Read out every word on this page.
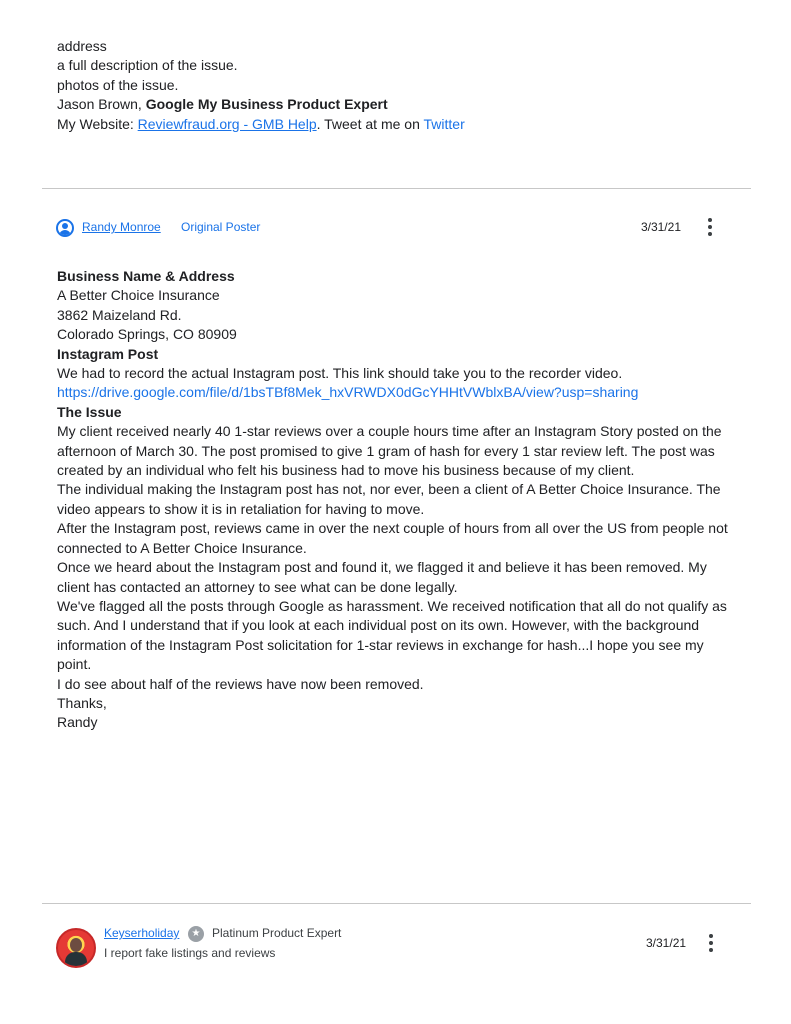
address
a full description of the issue.
photos of the issue.
Jason Brown, Google My Business Product Expert
My Website: Reviewfraud.org - GMB Help. Tweet at me on Twitter
Randy Monroe Original Poster	3/31/21
Business Name & Address
A Better Choice Insurance
3862 Maizeland Rd.
Colorado Springs, CO 80909
Instagram Post
We had to record the actual Instagram post. This link should take you to the recorder video.
https://drive.google.com/file/d/1bsTBf8Mek_hxVRWDX0dGcYHHtVWblxBA/view?usp=sharing
The Issue
My client received nearly 40 1-star reviews over a couple hours time after an Instagram Story posted on the
afternoon of March 30. The post promised to give 1 gram of hash for every 1 star review left. The post was
created by an individual who felt his business had to move his business because of my client.
The individual making the Instagram post has not, nor ever, been a client of A Better Choice Insurance. The
video appears to show it is in retaliation for having to move.
After the Instagram post, reviews came in over the next couple of hours from all over the US from people not
connected to A Better Choice Insurance.
Once we heard about the Instagram post and found it, we flagged it and believe it has been removed. My
client has contacted an attorney to see what can be done legally.
We've flagged all the posts through Google as harassment. We received notification that all do not qualify as
such. And I understand that if you look at each individual post on its own. However, with the background
information of the Instagram Post solicitation for 1-star reviews in exchange for hash...I hope you see my
point.
I do see about half of the reviews have now been removed.
Thanks,
Randy
Keyserholiday	★ Platinum Product Expert
I report fake listings and reviews
3/31/21
